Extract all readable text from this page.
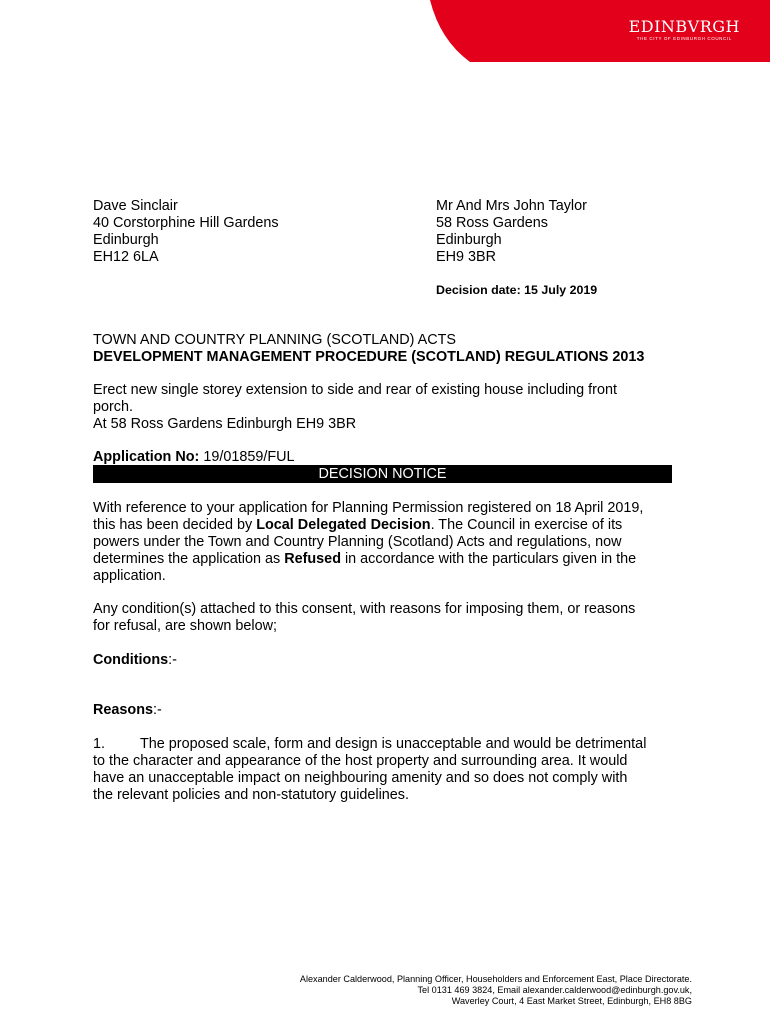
EDINBVRGH
THE CITY OF EDINBURGH COUNCIL
Dave Sinclair
40 Corstorphine Hill Gardens
Edinburgh
EH12 6LA
Mr And Mrs John Taylor
58 Ross Gardens
Edinburgh
EH9 3BR
Decision date: 15 July 2019
TOWN AND COUNTRY PLANNING (SCOTLAND) ACTS
DEVELOPMENT MANAGEMENT PROCEDURE (SCOTLAND) REGULATIONS 2013
Erect new single storey extension to side and rear of existing house including front
porch.
At 58 Ross Gardens Edinburgh EH9 3BR
Application No: 19/01859/FUL
DECISION NOTICE
With reference to your application for Planning Permission registered on 18 April 2019,
this has been decided by Local Delegated Decision. The Council in exercise of its
powers under the Town and Country Planning (Scotland) Acts and regulations, now
determines the application as Refused in accordance with the particulars given in the
application.
Any condition(s) attached to this consent, with reasons for imposing them, or reasons
for refusal, are shown below;
Conditions:-
Reasons:-
1. The proposed scale, form and design is unacceptable and would be detrimental
to the character and appearance of the host property and surrounding area. It would
have an unacceptable impact on neighbouring amenity and so does not comply with
the relevant policies and non-statutory guidelines.
Alexander Calderwood, Planning Officer, Householders and Enforcement East, Place Directorate.
Tel 0131 469 3824, Email alexander.calderwood@edinburgh.gov.uk,
Waverley Court, 4 East Market Street, Edinburgh, EH8 8BG
